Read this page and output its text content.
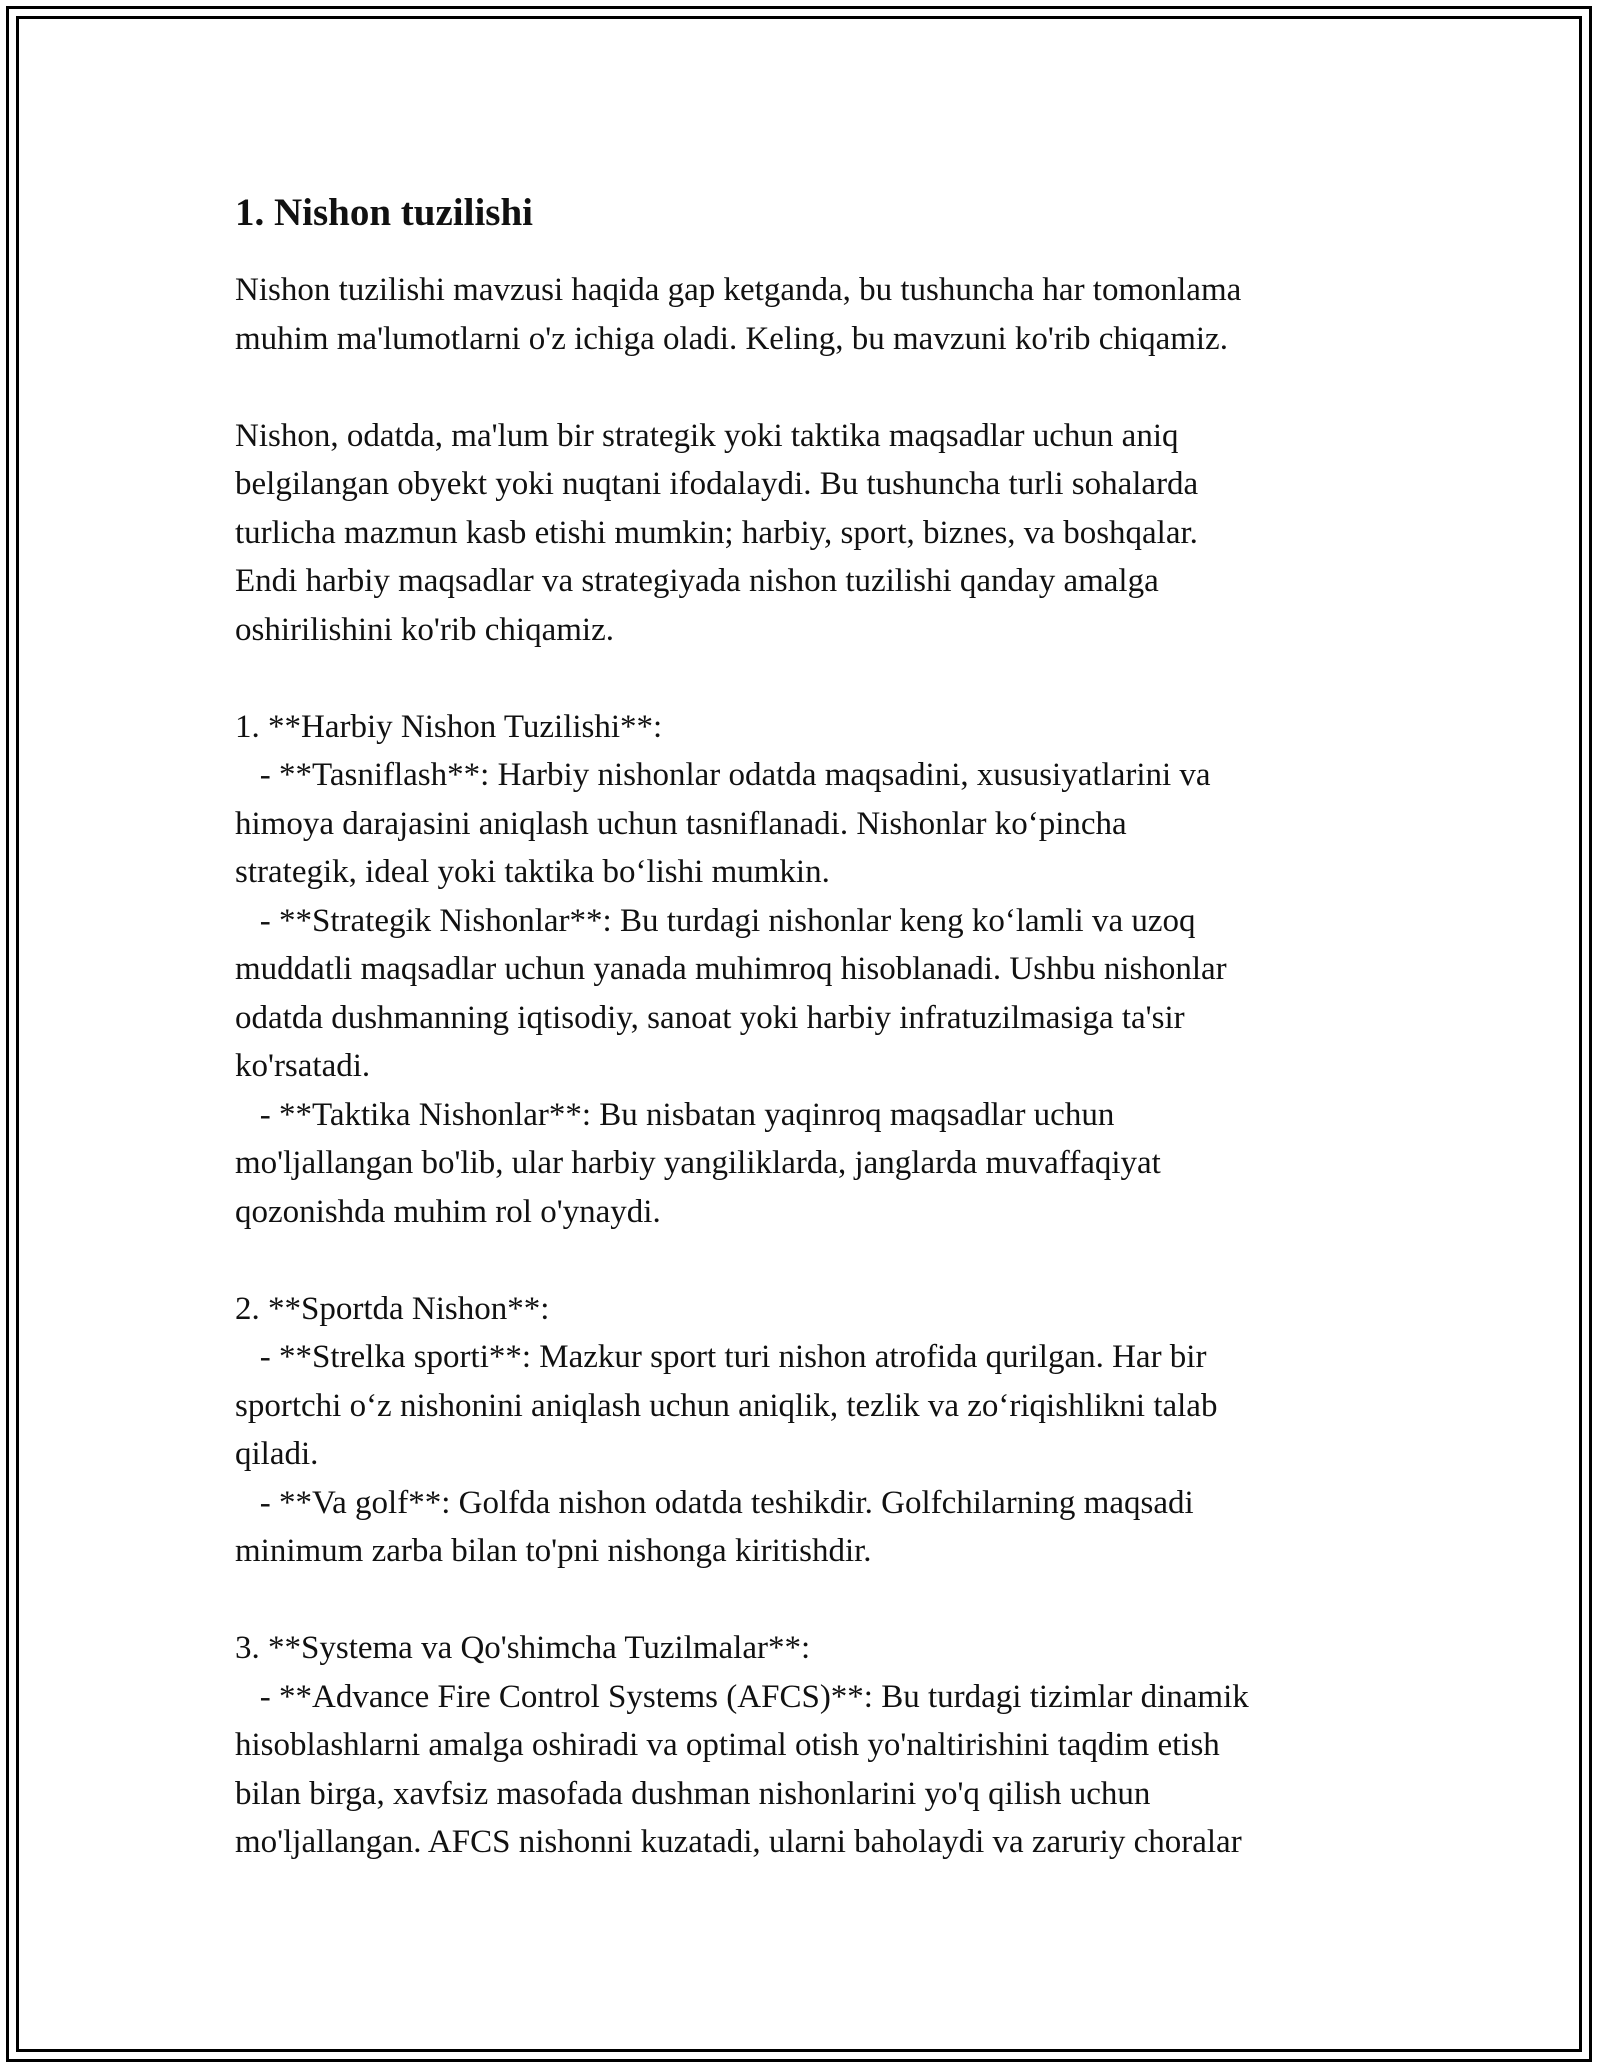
1. Nishon tuzilishi
Nishon tuzilishi mavzusi haqida gap ketganda, bu tushuncha har tomonlama
muhim ma'lumotlarni o'z ichiga oladi. Keling, bu mavzuni ko'rib chiqamiz.
Nishon, odatda, ma'lum bir strategik yoki taktika maqsadlar uchun aniq
belgilangan obyekt yoki nuqtani ifodalaydi. Bu tushuncha turli sohalarda
turlicha mazmun kasb etishi mumkin; harbiy, sport, biznes, va boshqalar.
Endi harbiy maqsadlar va strategiyada nishon tuzilishi qanday amalga
oshirilishini ko'rib chiqamiz.
1. **Harbiy Nishon Tuzilishi**:
- **Tasniflash**: Harbiy nishonlar odatda maqsadini, xususiyatlarini va
himoya darajasini aniqlash uchun tasniflanadi. Nishonlar koʻpincha
strategik, ideal yoki taktika boʻlishi mumkin.
- **Strategik Nishonlar**: Bu turdagi nishonlar keng koʻlamli va uzoq
muddatli maqsadlar uchun yanada muhimroq hisoblanadi. Ushbu nishonlar
odatda dushmanning iqtisodiy, sanoat yoki harbiy infratuzilmasiga ta'sir
ko'rsatadi.
- **Taktika Nishonlar**: Bu nisbatan yaqinroq maqsadlar uchun
mo'ljallangan bo'lib, ular harbiy yangiliklarda, janglarda muvaffaqiyat
qozonishda muhim rol o'ynaydi.
2. **Sportda Nishon**:
- **Strelka sporti**: Mazkur sport turi nishon atrofida qurilgan. Har bir
sportchi oʻz nishonini aniqlash uchun aniqlik, tezlik va zoʻriqishlikni talab
qiladi.
- **Va golf**: Golfda nishon odatda teshikdir. Golfchilarning maqsadi
minimum zarba bilan to'pni nishonga kiritishdir.
3. **Systema va Qo'shimcha Tuzilmalar**:
- **Advance Fire Control Systems (AFCS)**: Bu turdagi tizimlar dinamik
hisoblashlarni amalga oshiradi va optimal otish yo'naltirishini taqdim etish
bilan birga, xavfsiz masofada dushman nishonlarini yo'q qilish uchun
mo'ljallangan. AFCS nishonni kuzatadi, ularni baholaydi va zaruriy choralar
